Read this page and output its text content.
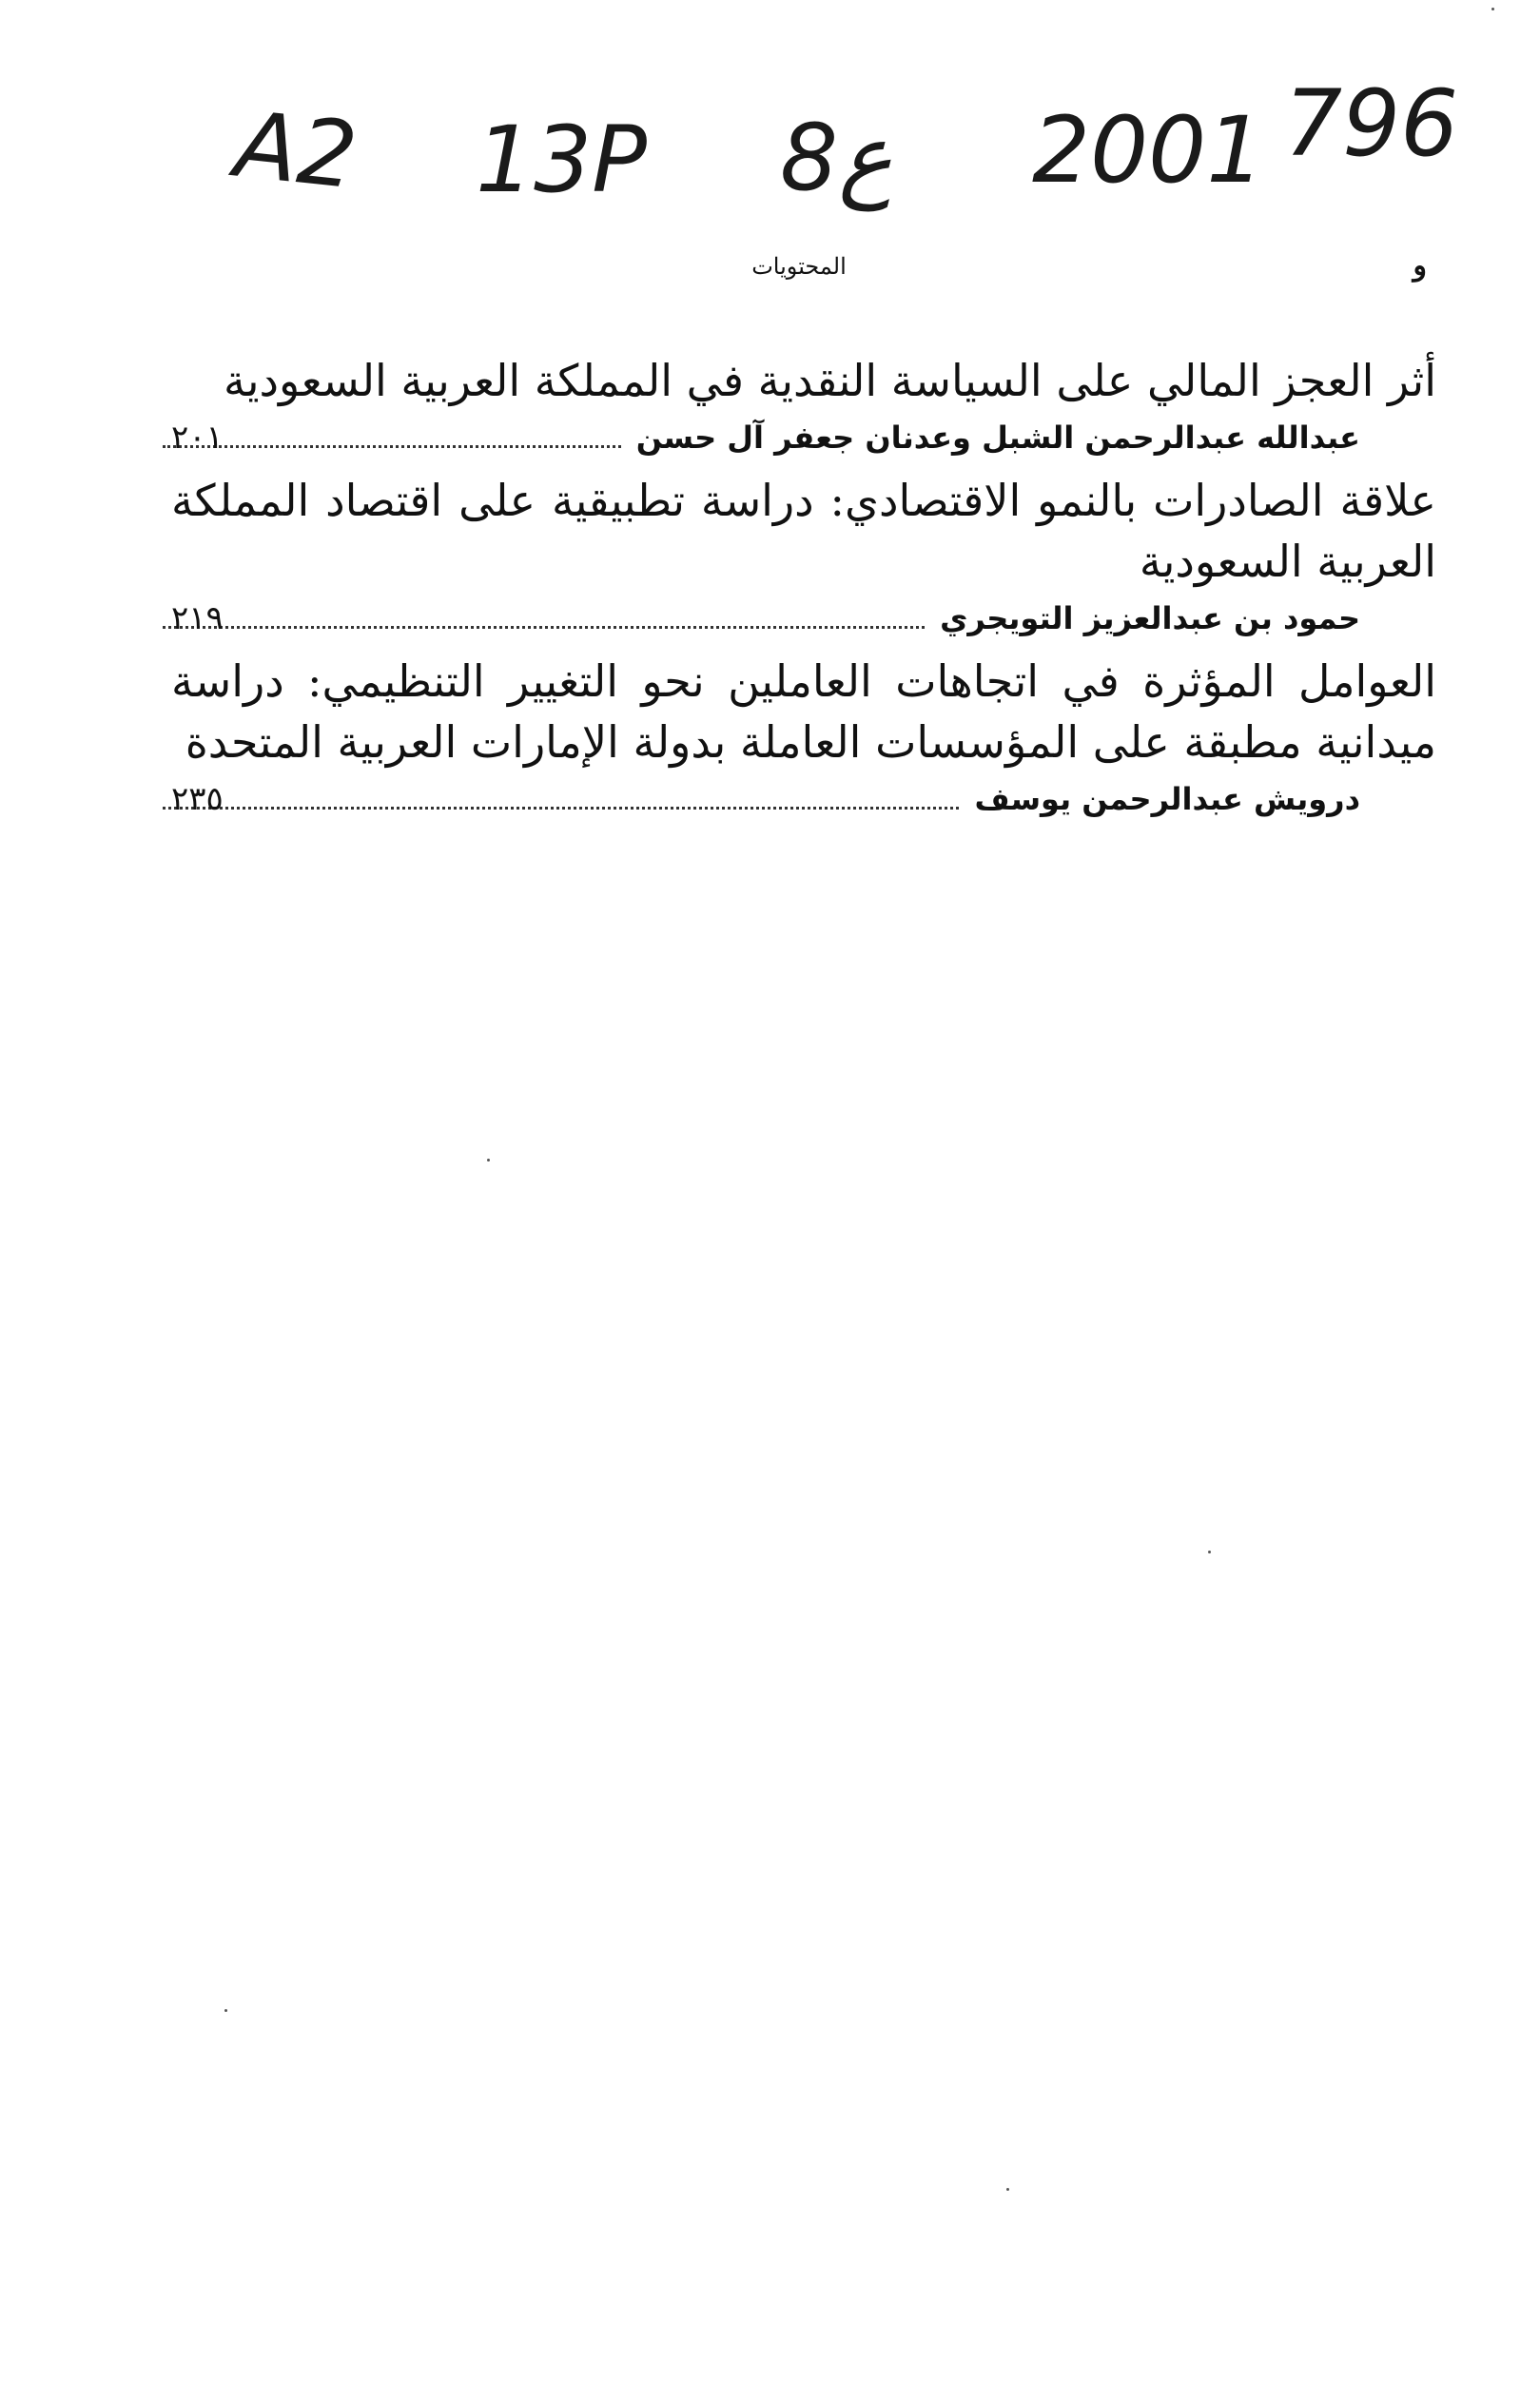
A2 13P 8ع 2001 796
و
المحتويات
أثر العجز المالي على السياسة النقدية في المملكة العربية السعودية
عبدالله عبدالرحمن الشبل وعدنان جعفر آل حسن
٢٠١
علاقة الصادرات بالنمو الاقتصادي: دراسة تطبيقية على اقتصاد المملكة العربية السعودية
حمود بن عبدالعزيز التويجري
٢١٩
العوامل المؤثرة في اتجاهات العاملين نحو التغيير التنظيمي: دراسة ميدانية مطبقة على المؤسسات العاملة بدولة الإمارات العربية المتحدة
درويش عبدالرحمن يوسف
٢٣٥
